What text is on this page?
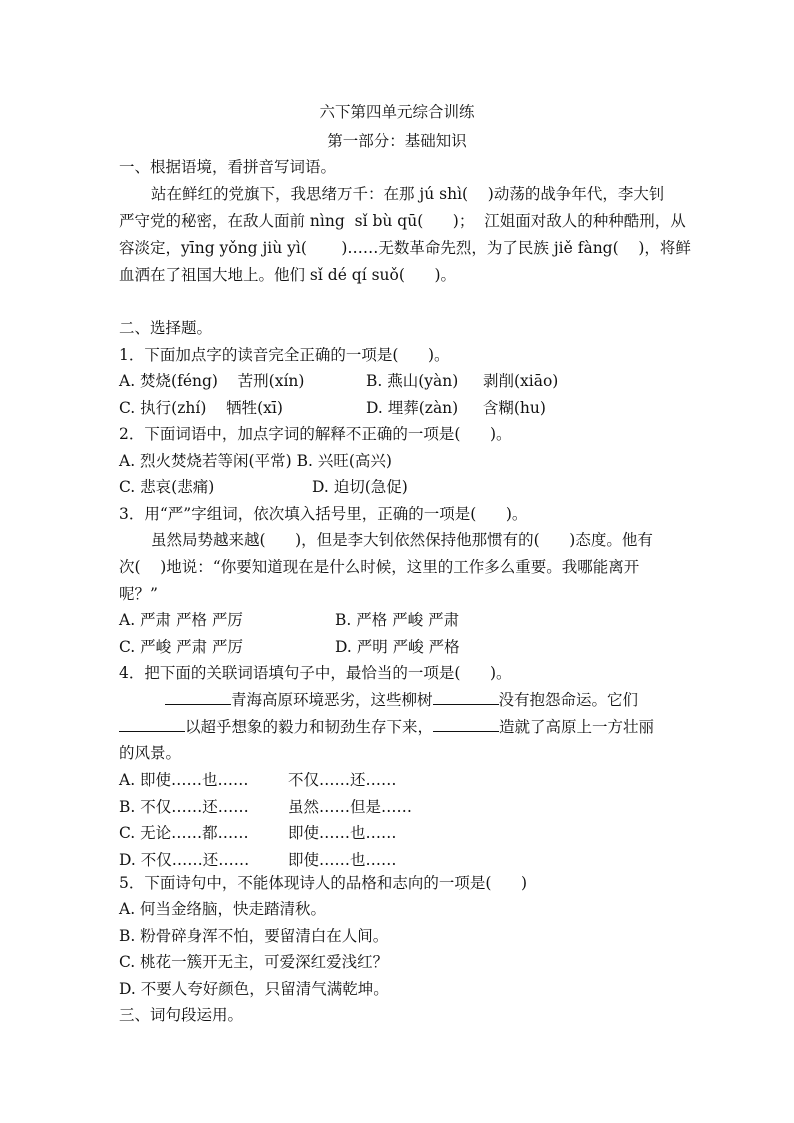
六下第四单元综合训练
第一部分：基础知识
一、根据语境，看拼音写词语。
站在鲜红的党旗下，我思绪万千：在那 jú shì(    )动荡的战争年代，李大钊
严守党的秘密，在敌人面前 nìng  sǐ bù qū(      )；  江姐面对敌人的种种酷刑，从
容淡定，yīng yǒng jiù yì(       )……无数革命先烈，为了民族 jiě fàng(    )，将鲜
血洒在了祖国大地上。他们 sǐ dé qí suǒ(      )。
二、选择题。
1．下面加点字的读音完全正确的一项是(      )。
A. 焚烧(féng)    苦刑(xín)	B. 燕山(yàn)     剥削(xiāo)
C. 执行(zhí)    牺牲(xī)	D. 埋葬(zàn)     含糊(hu)
2．下面词语中，加点字词的解释不正确的一项是(      )。
A. 烈火焚烧若等闲(平常) B. 兴旺(高兴)
C. 悲哀(悲痛)	D. 迫切(急促)
3．用“严”字组词，依次填入括号里，正确的一项是(      )。
虽然局势越来越(      )，但是李大钊依然保持他那惯有的(      )态度。他有
次(    )地说：“你要知道现在是什么时候，这里的工作多么重要。我哪能离开
呢？”
A. 严肃 严格 严厉	B. 严格 严峻 严肃
C. 严峻 严肃 严厉	D. 严明 严峻 严格
4．把下面的关联词语填句子中，最恰当的一项是(      )。
青海高原环境恶劣，这些柳树	没有抱怨命运。它们
以超乎想象的毅力和韧劲生存下来，	造就了高原上一方壮丽
的风景。
A. 即使……也……	不仅……还……
B. 不仅……还……	虽然……但是……
C. 无论……都……	即使……也……
D. 不仅……还……	即使……也……
5．下面诗句中，不能体现诗人的品格和志向的一项是(      )
A. 何当金络脑，快走踏清秋。
B. 粉骨碎身浑不怕，要留清白在人间。
C. 桃花一簇开无主，可爱深红爱浅红？
D. 不要人夸好颜色，只留清气满乾坤。
三、词句段运用。
